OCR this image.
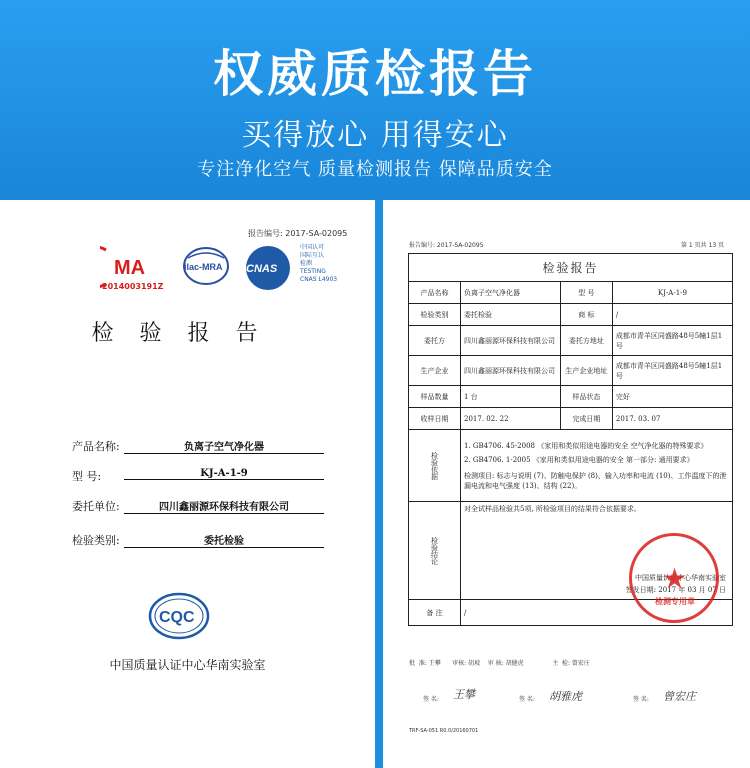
权威质检报告
买得放心 用得安心
专注净化空气 质量检测报告 保障品质安全
报告编号: 2017-SA-02095
MA
2014003191Z
ilac-MRA CNAS
中国认可
国际互认
检测
TESTING
CNAS L4903
检验报告
产品名称:	负离子空气净化器
型 号:	KJ-A-1-9
委托单位:	四川鑫丽源环保科技有限公司
检验类别:	委托检验
CQC
中国质量认证中心华南实验室
报告编号: 2017-SA-02095	第 1 页共 13 页
检验报告			
产品名称	负离子空气净化器	型 号	KJ-A-1-9
检验类别	委托检验	商 标	/
委托方	四川鑫丽源环保科技有限公司	委托方地址	成都市青羊区同盛路48号5幢1层1号
生产企业	四川鑫丽源环保科技有限公司	生产企业地址	成都市青羊区同盛路48号5幢1层1号
样品数量	1 台	样品状态	完好
收样日期	2017. 02. 22	完成日期	2017. 03. 07

检验依据	1. GB4706. 45-2008 《家用和类似用途电器的安全 空气净化器的特殊要求》
2. GB4706. 1-2005 《家用和类似用途电器的安全 第一部分: 通用要求》
检测项目: 标志与说明 (7)、防触电保护 (8)、输入功率和电流 (10)、工作温度下的泄漏电流和电气强度 (13)、结构 (22)。		

检验结论	对全试样品检验共5项, 所检验项目的结果符合依据要求。
中国质量认证中心华南实验室
签发日期: 2017 年 03 月 07 日		

备 注	/		
★
检测专用章
批  准: 王攀      审核: 胡坡    审 核: 胡健虎               主  检: 曾宏庄
签 名: 王攀	签 名: 胡雅虎	签 名: 曾宏庄
TRF-SA-051 R0.0/20160701
